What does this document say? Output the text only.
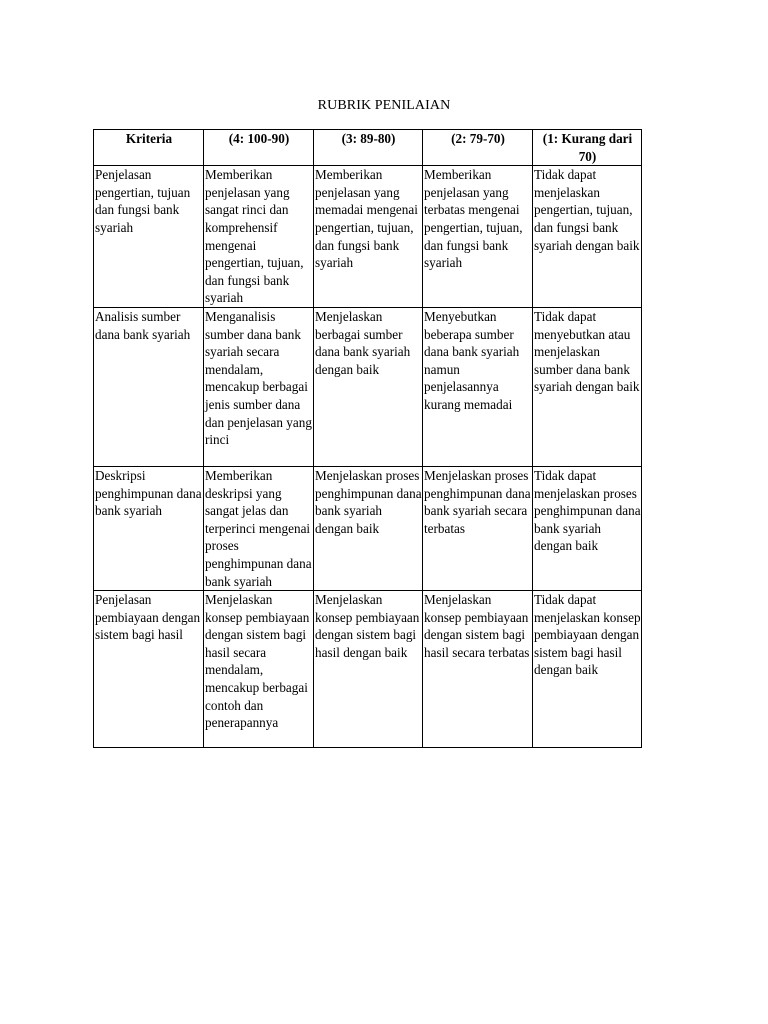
RUBRIK PENILAIAN
Kriteria	(4: 100-90)	(3: 89-80)	(2: 79-70)	(1: Kurang dari 70)
Penjelasan pengertian, tujuan dan fungsi bank syariah	Memberikan penjelasan yang sangat rinci dan komprehensif mengenai pengertian, tujuan, dan fungsi bank syariah	Memberikan penjelasan yang memadai mengenai pengertian, tujuan, dan fungsi bank syariah	Memberikan penjelasan yang terbatas mengenai pengertian, tujuan, dan fungsi bank syariah	Tidak dapat menjelaskan pengertian, tujuan, dan fungsi bank syariah dengan baik
Analisis sumber dana bank syariah	Menganalisis sumber dana bank syariah secara mendalam, mencakup berbagai jenis sumber dana dan penjelasan yang rinci	Menjelaskan berbagai sumber dana bank syariah dengan baik	Menyebutkan beberapa sumber dana bank syariah namun penjelasannya kurang memadai	Tidak dapat menyebutkan atau menjelaskan sumber dana bank syariah dengan baik
Deskripsi penghimpunan dana bank syariah	Memberikan deskripsi yang sangat jelas dan terperinci mengenai proses penghimpunan dana bank syariah	Menjelaskan proses penghimpunan dana bank syariah dengan baik	Menjelaskan proses penghimpunan dana bank syariah secara terbatas	Tidak dapat menjelaskan proses penghimpunan dana bank syariah dengan baik
Penjelasan pembiayaan dengan sistem bagi hasil	Menjelaskan konsep pembiayaan dengan sistem bagi hasil secara mendalam, mencakup berbagai contoh dan penerapannya	Menjelaskan konsep pembiayaan dengan sistem bagi hasil dengan baik	Menjelaskan konsep pembiayaan dengan sistem bagi hasil secara terbatas	Tidak dapat menjelaskan konsep pembiayaan dengan sistem bagi hasil dengan baik
